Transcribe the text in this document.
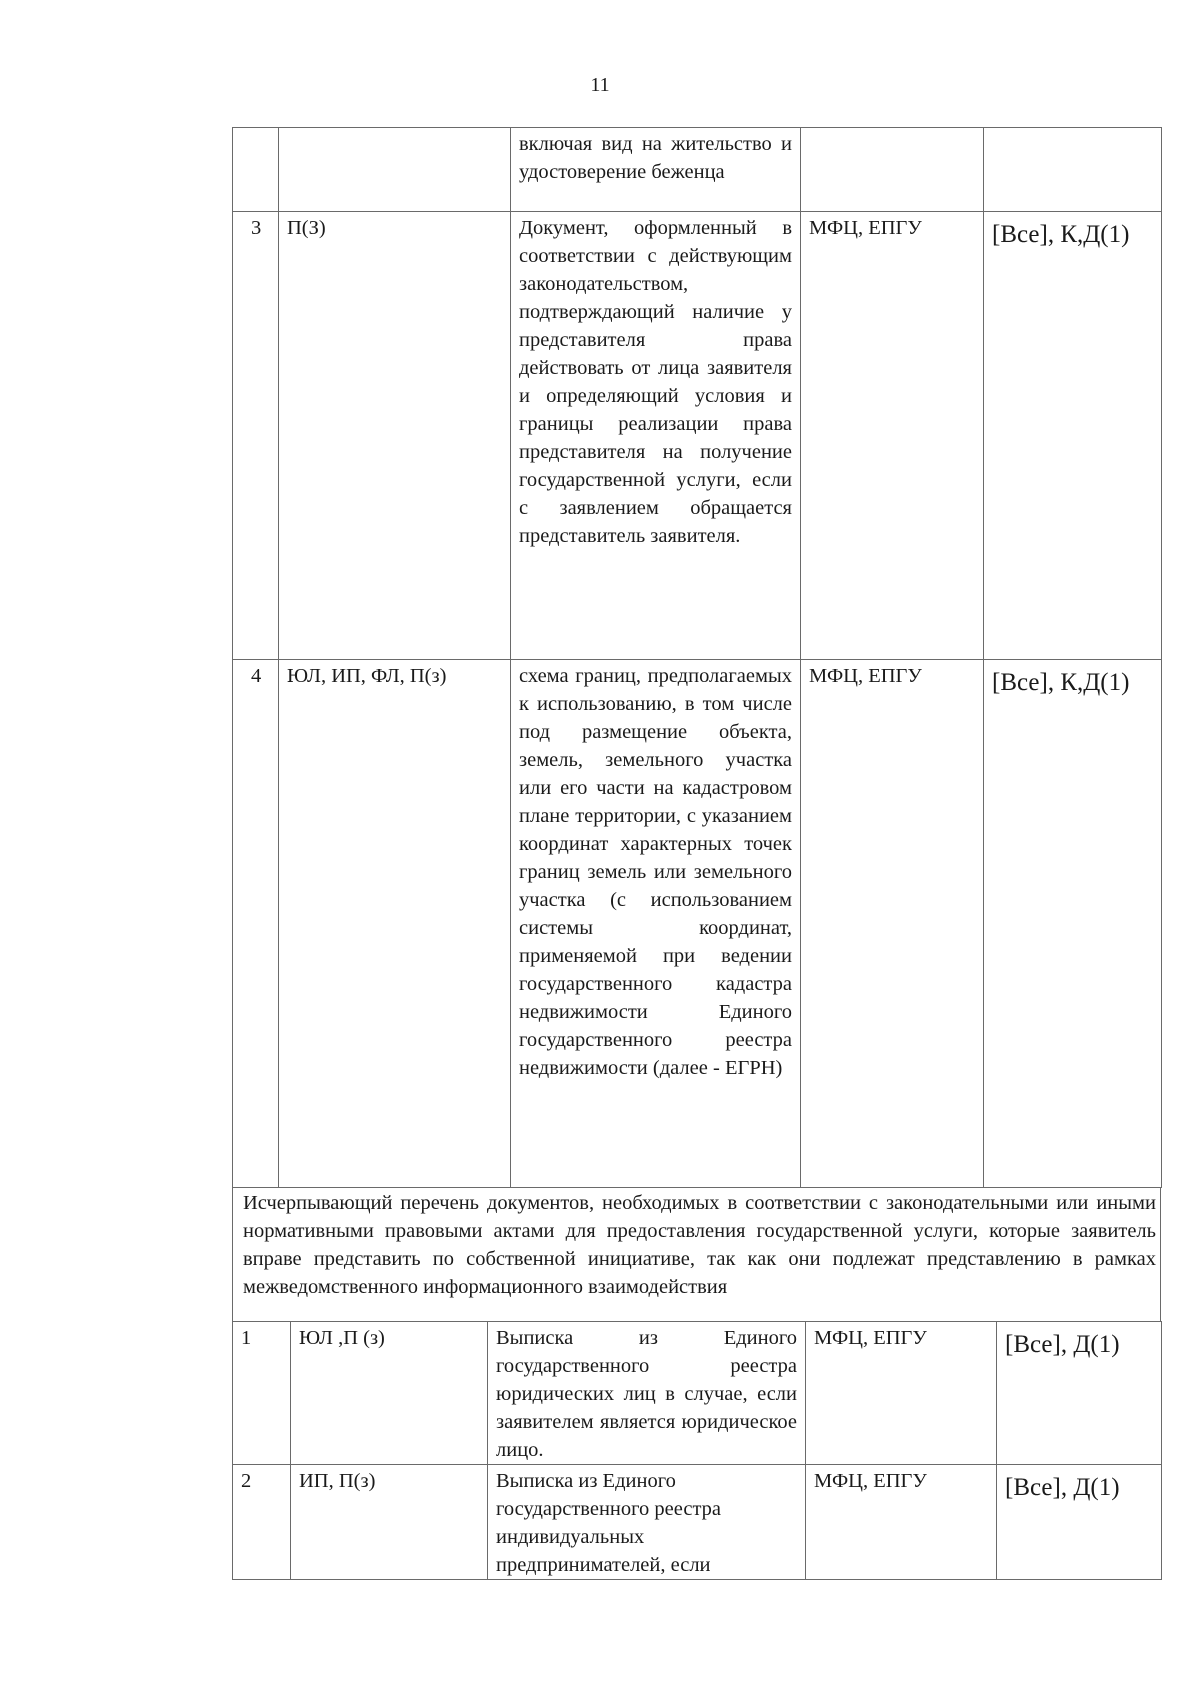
11
		включая вид на жительство и удостоверение беженца		
3	П(З)	Документ, оформленный в соответствии с действующим законодательством, подтверждающий наличие у представителя права действовать от лица заявителя и определяющий условия и границы реализации права представителя на получение государственной услуги, если с заявлением обращается представитель заявителя.	МФЦ, ЕПГУ	[Все], К,Д(1)
4	ЮЛ, ИП, ФЛ, П(з)	схема границ, предполагаемых к использованию, в том числе под размещение объекта, земель, земельного участка или его части на кадастровом плане территории, с указанием координат характерных точек границ земель или земельного участка (с использованием системы координат, применяемой при ведении государственного кадастра недвижимости Единого государственного реестра недвижимости (далее - ЕГРН)	МФЦ, ЕПГУ	[Все], К,Д(1)
Исчерпывающий перечень документов, необходимых в соответствии с законодательными или иными нормативными правовыми актами для предоставления государственной услуги, которые заявитель вправе представить по собственной инициативе, так как они подлежат представлению в рамках межведомственного информационного взаимодействия
1	ЮЛ ,П (з)	Выписка из Единого государственного реестра юридических лиц в случае, если заявителем является юридическое лицо.	МФЦ, ЕПГУ	[Все], Д(1)
2	ИП, П(з)	Выписка из Единого государственного реестра индивидуальных предпринимателей, если	МФЦ, ЕПГУ	[Все], Д(1)
